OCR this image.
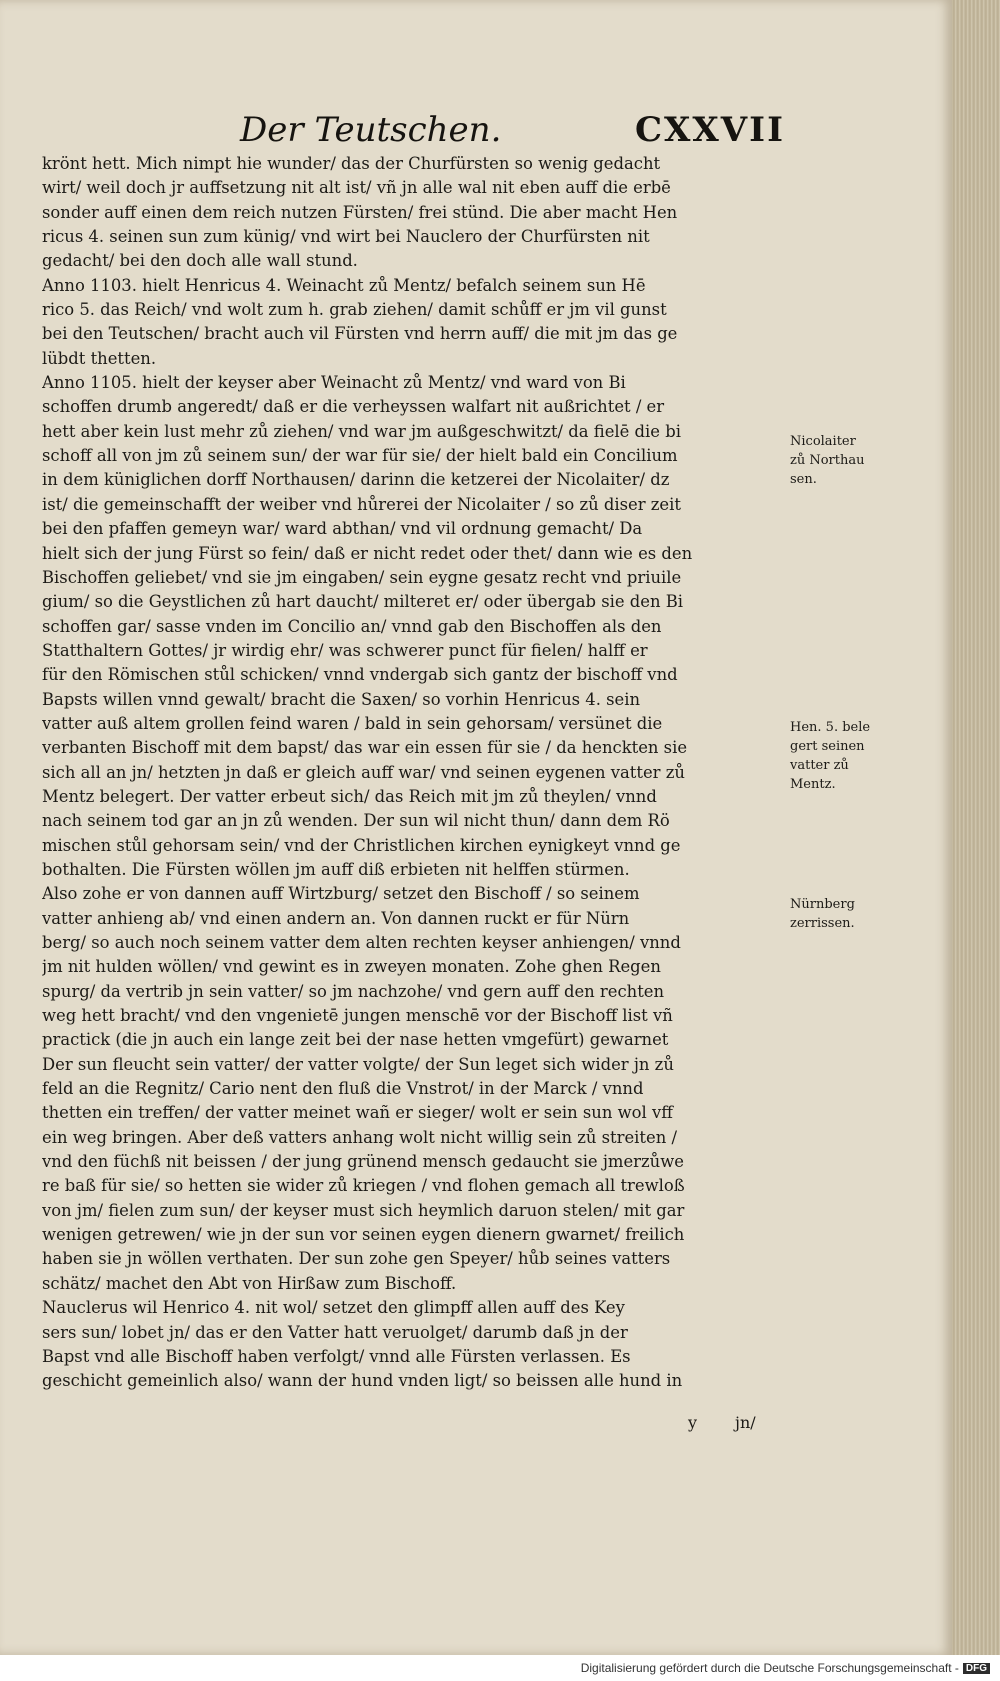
Der Teutschen.	CXXVII
krönt hett. Mich nimpt hie wunder/ das der Churfürsten so wenig gedacht
wirt/ weil doch jr auffsetzung nit alt ist/ vñ jn alle wal nit eben auff die erbē
sonder auff einen dem reich nutzen Fürsten/ frei stünd. Die aber macht Hen
ricus 4. seinen sun zum künig/ vnd wirt bei Nauclero der Churfürsten nit
gedacht/ bei den doch alle wall stund.
Anno 1103. hielt Henricus 4. Weinacht zů Mentz/ befalch seinem sun Hē
rico 5. das Reich/ vnd wolt zum h. grab ziehen/ damit schůff er jm vil gunst
bei den Teutschen/ bracht auch vil Fürsten vnd herrn auff/ die mit jm das ge
lübdt thetten.
Anno 1105. hielt der keyser aber Weinacht zů Mentz/ vnd ward von Bi
schoffen drumb angeredt/ daß er die verheyssen walfart nit außrichtet / er
hett aber kein lust mehr zů ziehen/ vnd war jm außgeschwitzt/ da fielē die bi
schoff all von jm zů seinem sun/ der war für sie/ der hielt bald ein Concilium
in dem küniglichen dorff Northausen/ darinn die ketzerei der Nicolaiter/ dz
ist/ die gemeinschafft der weiber vnd hůrerei der Nicolaiter / so zů diser zeit
bei den pfaffen gemeyn war/ ward abthan/ vnd vil ordnung gemacht/ Da
hielt sich der jung Fürst so fein/ daß er nicht redet oder thet/ dann wie es den
Bischoffen geliebet/ vnd sie jm eingaben/ sein eygne gesatz recht vnd priuile
gium/ so die Geystlichen zů hart daucht/ milteret er/ oder übergab sie den Bi
schoffen gar/ sasse vnden im Concilio an/ vnnd gab den Bischoffen als den
Statthaltern Gottes/ jr wirdig ehr/ was schwerer punct für fielen/ halff er
für den Römischen stůl schicken/ vnnd vndergab sich gantz der bischoff vnd
Bapsts willen vnnd gewalt/ bracht die Saxen/ so vorhin Henricus 4. sein
vatter auß altem grollen feind waren / bald in sein gehorsam/ versünet die
verbanten Bischoff mit dem bapst/ das war ein essen für sie / da henckten sie
sich all an jn/ hetzten jn daß er gleich auff war/ vnd seinen eygenen vatter zů
Mentz belegert. Der vatter erbeut sich/ das Reich mit jm zů theylen/ vnnd
nach seinem tod gar an jn zů wenden. Der sun wil nicht thun/ dann dem Rö
mischen stůl gehorsam sein/ vnd der Christlichen kirchen eynigkeyt vnnd ge
bothalten. Die Fürsten wöllen jm auff diß erbieten nit helffen stürmen.
Also zohe er von dannen auff Wirtzburg/ setzet den Bischoff / so seinem
vatter anhieng ab/ vnd einen andern an. Von dannen ruckt er für Nürn
berg/ so auch noch seinem vatter dem alten rechten keyser anhiengen/ vnnd
jm nit hulden wöllen/ vnd gewint es in zweyen monaten. Zohe ghen Regen
spurg/ da vertrib jn sein vatter/ so jm nachzohe/ vnd gern auff den rechten
weg hett bracht/ vnd den vngenietē jungen menschē vor der Bischoff list vñ
practick (die jn auch ein lange zeit bei der nase hetten vmgefürt) gewarnet
Der sun fleucht sein vatter/ der vatter volgte/ der Sun leget sich wider jn zů
feld an die Regnitz/ Cario nent den fluß die Vnstrot/ in der Marck / vnnd
thetten ein treffen/ der vatter meinet wañ er sieger/ wolt er sein sun wol vff
ein weg bringen. Aber deß vatters anhang wolt nicht willig sein zů streiten /
vnd den füchß nit beissen / der jung grünend mensch gedaucht sie jmerzůwe
re baß für sie/ so hetten sie wider zů kriegen / vnd flohen gemach all trewloß
von jm/ fielen zum sun/ der keyser must sich heymlich daruon stelen/ mit gar
wenigen getrewen/ wie jn der sun vor seinen eygen dienern gwarnet/ freilich
haben sie jn wöllen verthaten. Der sun zohe gen Speyer/ hůb seines vatters
schätz/ machet den Abt von Hirßaw zum Bischoff.
Nauclerus wil Henrico 4. nit wol/ setzet den glimpff allen auff des Key
sers sun/ lobet jn/ das er den Vatter hatt veruolget/ darumb daß jn der
Bapst vnd alle Bischoff haben verfolgt/ vnnd alle Fürsten verlassen. Es
geschicht gemeinlich also/ wann der hund vnden ligt/ so beissen alle hund in
Nicolaiter
zů Northau
sen.
Hen. 5. bele
gert seinen
vatter zů
Mentz.
Nürnberg
zerrissen.
y jn/
Digitalisierung gefördert durch die Deutsche Forschungsgemeinschaft - DFG
